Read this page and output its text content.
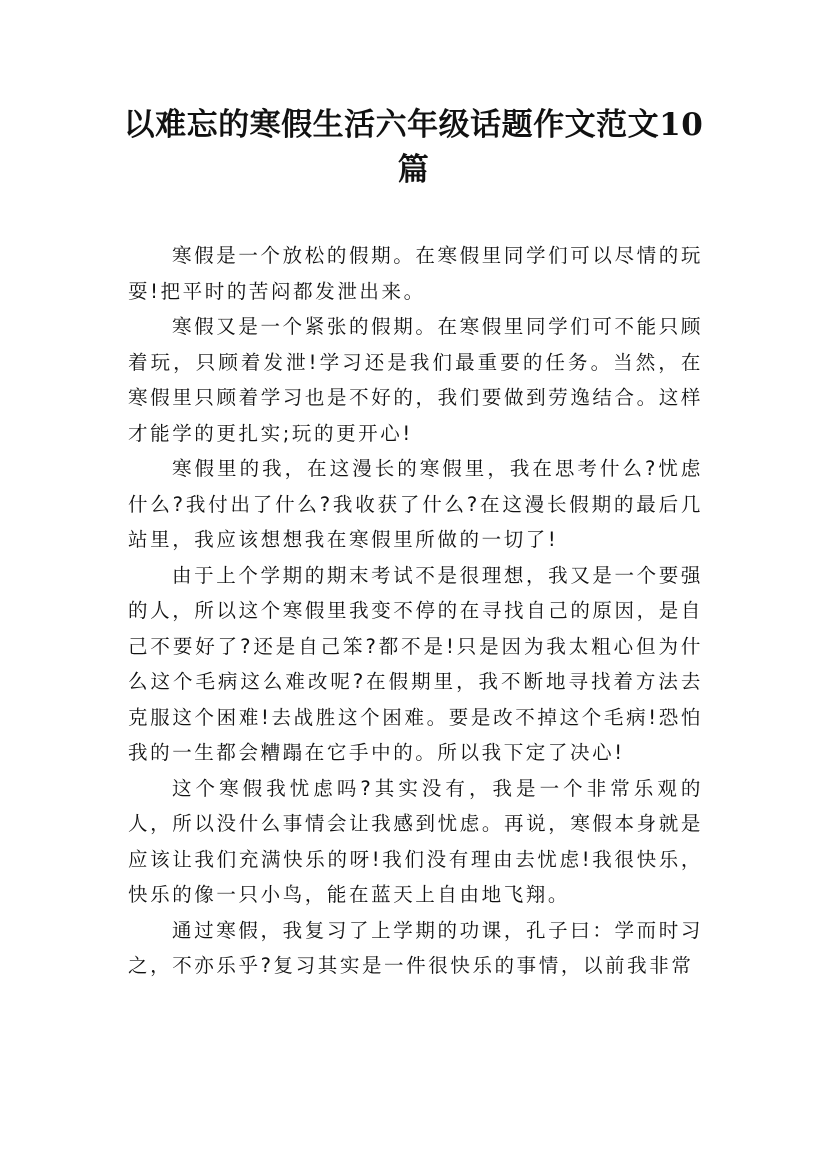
以难忘的寒假生活六年级话题作文范文10篇

寒假是一个放松的假期。在寒假里同学们可以尽情的玩耍!把平时的苦闷都发泄出来。

寒假又是一个紧张的假期。在寒假里同学们可不能只顾着玩，只顾着发泄!学习还是我们最重要的任务。当然，在寒假里只顾着学习也是不好的，我们要做到劳逸结合。这样才能学的更扎实;玩的更开心!

寒假里的我，在这漫长的寒假里，我在思考什么?忧虑什么?我付出了什么?我收获了什么?在这漫长假期的最后几站里，我应该想想我在寒假里所做的一切了!

由于上个学期的期末考试不是很理想，我又是一个要强的人，所以这个寒假里我变不停的在寻找自己的原因，是自己不要好了?还是自己笨?都不是!只是因为我太粗心但为什么这个毛病这么难改呢?在假期里，我不断地寻找着方法去克服这个困难!去战胜这个困难。要是改不掉这个毛病!恐怕我的一生都会糟蹋在它手中的。所以我下定了决心!

这个寒假我忧虑吗?其实没有，我是一个非常乐观的人，所以没什么事情会让我感到忧虑。再说，寒假本身就是应该让我们充满快乐的呀!我们没有理由去忧虑!我很快乐，快乐的像一只小鸟，能在蓝天上自由地飞翔。

通过寒假，我复习了上学期的功课，孔子曰：学而时习之，不亦乐乎?复习其实是一件很快乐的事情，以前我非常
